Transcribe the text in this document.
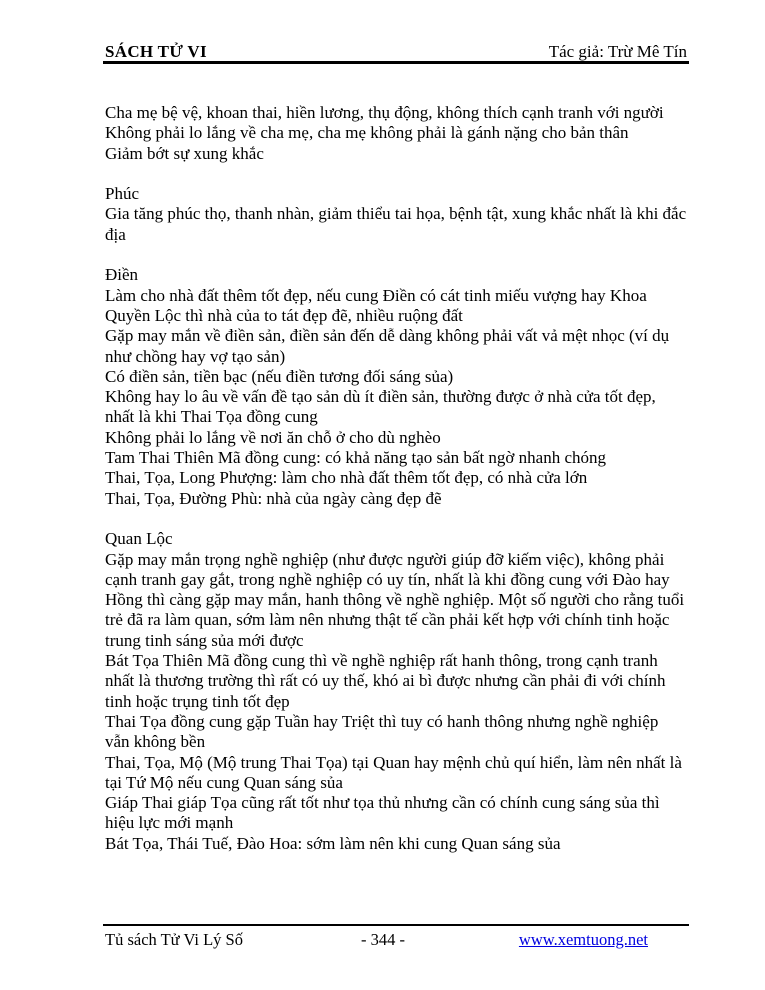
SÁCH TỬ VI	Tác giả: Trừ Mê Tín

Cha mẹ bệ vệ, khoan thai, hiền lương, thụ động, không thích cạnh tranh với người

Không phải lo lắng về cha mẹ, cha mẹ không phải là gánh nặng cho bản thân

Giảm bớt sự xung khắc

Phúc

Gia tăng phúc thọ, thanh nhàn, giảm thiểu tai họa, bệnh tật, xung khắc nhất là khi đắc địa

Điền

Làm cho nhà đất thêm tốt đẹp, nếu cung Điền có cát tinh miếu vượng hay Khoa Quyền Lộc thì nhà của to tát đẹp đẽ, nhiều ruộng đất

Gặp may mắn về điền sản, điền sản đến dễ dàng không phải vất vả mệt nhọc (ví dụ như chồng hay vợ tạo sản)

Có điền sản, tiền bạc (nếu điền tương đối sáng sủa)

Không hay lo âu về vấn đề tạo sản dù ít điền sản, thường được ở nhà cửa tốt đẹp, nhất là khi Thai Tọa đồng cung

Không phải lo lắng về nơi ăn chỗ ở cho dù nghèo

Tam Thai Thiên Mã đồng cung: có khả năng tạo sản bất ngờ nhanh chóng

Thai, Tọa, Long Phượng: làm cho nhà đất thêm tốt đẹp, có nhà cửa lớn

Thai, Tọa, Đường Phù: nhà của ngày càng đẹp đẽ

Quan Lộc

Gặp may mắn trọng nghề nghiệp (như được người giúp đỡ kiếm việc), không phải cạnh tranh gay gắt, trong nghề nghiệp có uy tín, nhất là khi đồng cung với Đào hay Hồng thì càng gặp may mắn, hanh thông về nghề nghiệp. Một số người cho rằng tuổi trẻ đã ra làm quan, sớm làm nên nhưng thật tế cần phải kết hợp với chính tinh hoặc trung tinh sáng sủa mới được

Bát Tọa Thiên Mã đồng cung thì về nghề nghiệp rất hanh thông, trong cạnh tranh nhất là thương trường thì rất có uy thế, khó ai bì được nhưng cần phải đi với chính tinh hoặc trụng tinh tốt đẹp

Thai Tọa đồng cung gặp Tuần hay Triệt thì tuy có hanh thông nhưng nghề nghiệp vẫn không bền

Thai, Tọa, Mộ (Mộ trung Thai Tọa) tại Quan hay mệnh chủ quí hiển, làm nên nhất là tại Tứ Mộ nếu cung Quan sáng sủa

Giáp Thai giáp Tọa cũng rất tốt như tọa thủ nhưng cần có chính cung sáng sủa thì hiệu lực mới mạnh

Bát Tọa, Thái Tuế, Đào Hoa: sớm làm nên khi cung Quan sáng sủa

Tủ sách Tử Vi Lý Số	- 344 -	www.xemtuong.net
